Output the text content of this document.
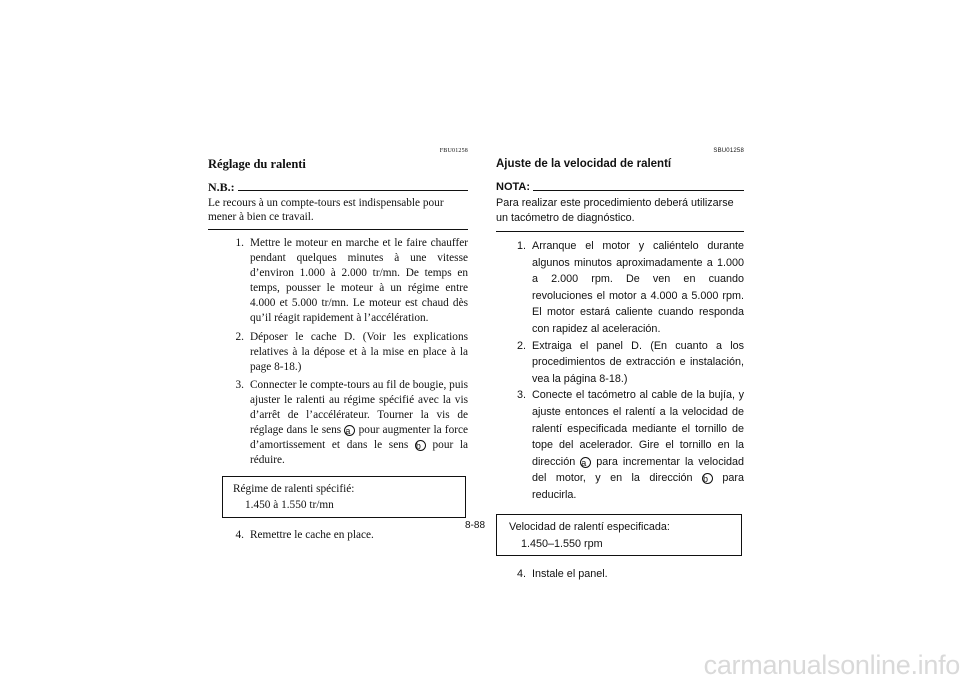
FBU01258
Réglage du ralenti
N.B.:
Le recours à un compte-tours est indispensable pour mener à bien ce travail.
1. Mettre le moteur en marche et le faire chauffer pendant quelques minutes à une vitesse d’environ 1.000 à 2.000 tr/mn. De temps en temps, pousser le moteur à un régime entre 4.000 et 5.000 tr/mn. Le moteur est chaud dès qu’il réagit rapidement à l’accélération.
2. Déposer le cache D. (Voir les explications relatives à la dépose et à la mise en place à la page 8-18.)
3. Connecter le compte-tours au fil de bougie, puis ajuster le ralenti au régime spécifié avec la vis d’arrêt de l’accélérateur. Tourner la vis de réglage dans le sens a pour augmenter la force d’amortissement et dans le sens b pour la réduire.
Régime de ralenti spécifié:
1.450 à 1.550 tr/mn
4. Remettre le cache en place.
SBU01258
Ajuste de la velocidad de ralentí
NOTA:
Para realizar este procedimiento deberá utilizarse un tacómetro de diagnóstico.
1. Arranque el motor y caliéntelo durante algunos minutos aproximadamente a 1.000 a 2.000 rpm. De ven en cuando revoluciones el motor a 4.000 a 5.000 rpm. El motor estará caliente cuando responda con rapidez al aceleración.
2. Extraiga el panel D. (En cuanto a los procedimientos de extracción e instalación, vea la página 8-18.)
3. Conecte el tacómetro al cable de la bujía, y ajuste entonces el ralentí a la velocidad de ralentí especificada mediante el tornillo de tope del acelerador. Gire el tornillo en la dirección a para incrementar la velocidad del motor, y en la dirección b para reducirla.
Velocidad de ralentí especificada:
1.450–1.550 rpm
4. Instale el panel.
8-88
carmanualsonline.info
